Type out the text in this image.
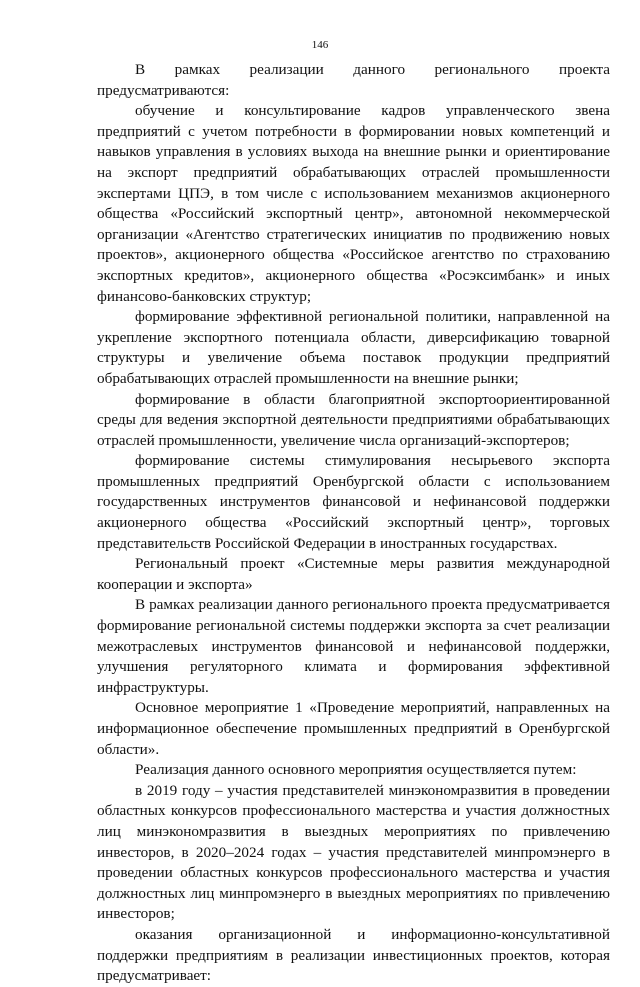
146

В рамках реализации данного регионального проекта предусматриваются:

обучение и консультирование кадров управленческого звена предприятий с учетом потребности в формировании новых компетенций и навыков управления в условиях выхода на внешние рынки и ориентирование на экспорт предприятий обрабатывающих отраслей промышленности экспертами ЦПЭ, в том числе с использованием механизмов акционерного общества «Российский экспортный центр», автономной некоммерческой организации «Агентство стратегических инициатив по продвижению новых проектов», акционерного общества «Российское агентство по страхованию экспортных кредитов», акционерного общества «Росэксимбанк» и иных финансово-банковских структур;

формирование эффективной региональной политики, направленной на укрепление экспортного потенциала области, диверсификацию товарной структуры и увеличение объема поставок продукции предприятий обрабатывающих отраслей промышленности на внешние рынки;

формирование в области благоприятной экспортоориентированной среды для ведения экспортной деятельности предприятиями обрабатывающих отраслей промышленности, увеличение числа организаций-экспортеров;

формирование системы стимулирования несырьевого экспорта промышленных предприятий Оренбургской области с использованием государственных инструментов финансовой и нефинансовой поддержки акционерного общества «Российский экспортный центр», торговых представительств Российской Федерации в иностранных государствах.

Региональный проект «Системные меры развития международной кооперации и экспорта»

В рамках реализации данного регионального проекта предусматривается формирование региональной системы поддержки экспорта за счет реализации межотраслевых инструментов финансовой и нефинансовой поддержки, улучшения регуляторного климата и формирования эффективной инфраструктуры.

Основное мероприятие 1 «Проведение мероприятий, направленных на информационное обеспечение промышленных предприятий в Оренбургской области».

Реализация данного основного мероприятия осуществляется путем:

в 2019 году – участия представителей минэкономразвития в проведении областных конкурсов профессионального мастерства и участия должностных лиц минэкономразвития в выездных мероприятиях по привлечению инвесторов, в 2020–2024 годах – участия представителей минпромэнерго в проведении областных конкурсов профессионального мастерства и участия должностных лиц минпромэнерго в выездных мероприятиях по привлечению инвесторов;

оказания организационной и информационно-консультативной поддержки предприятиям в реализации инвестиционных проектов, которая предусматривает:
